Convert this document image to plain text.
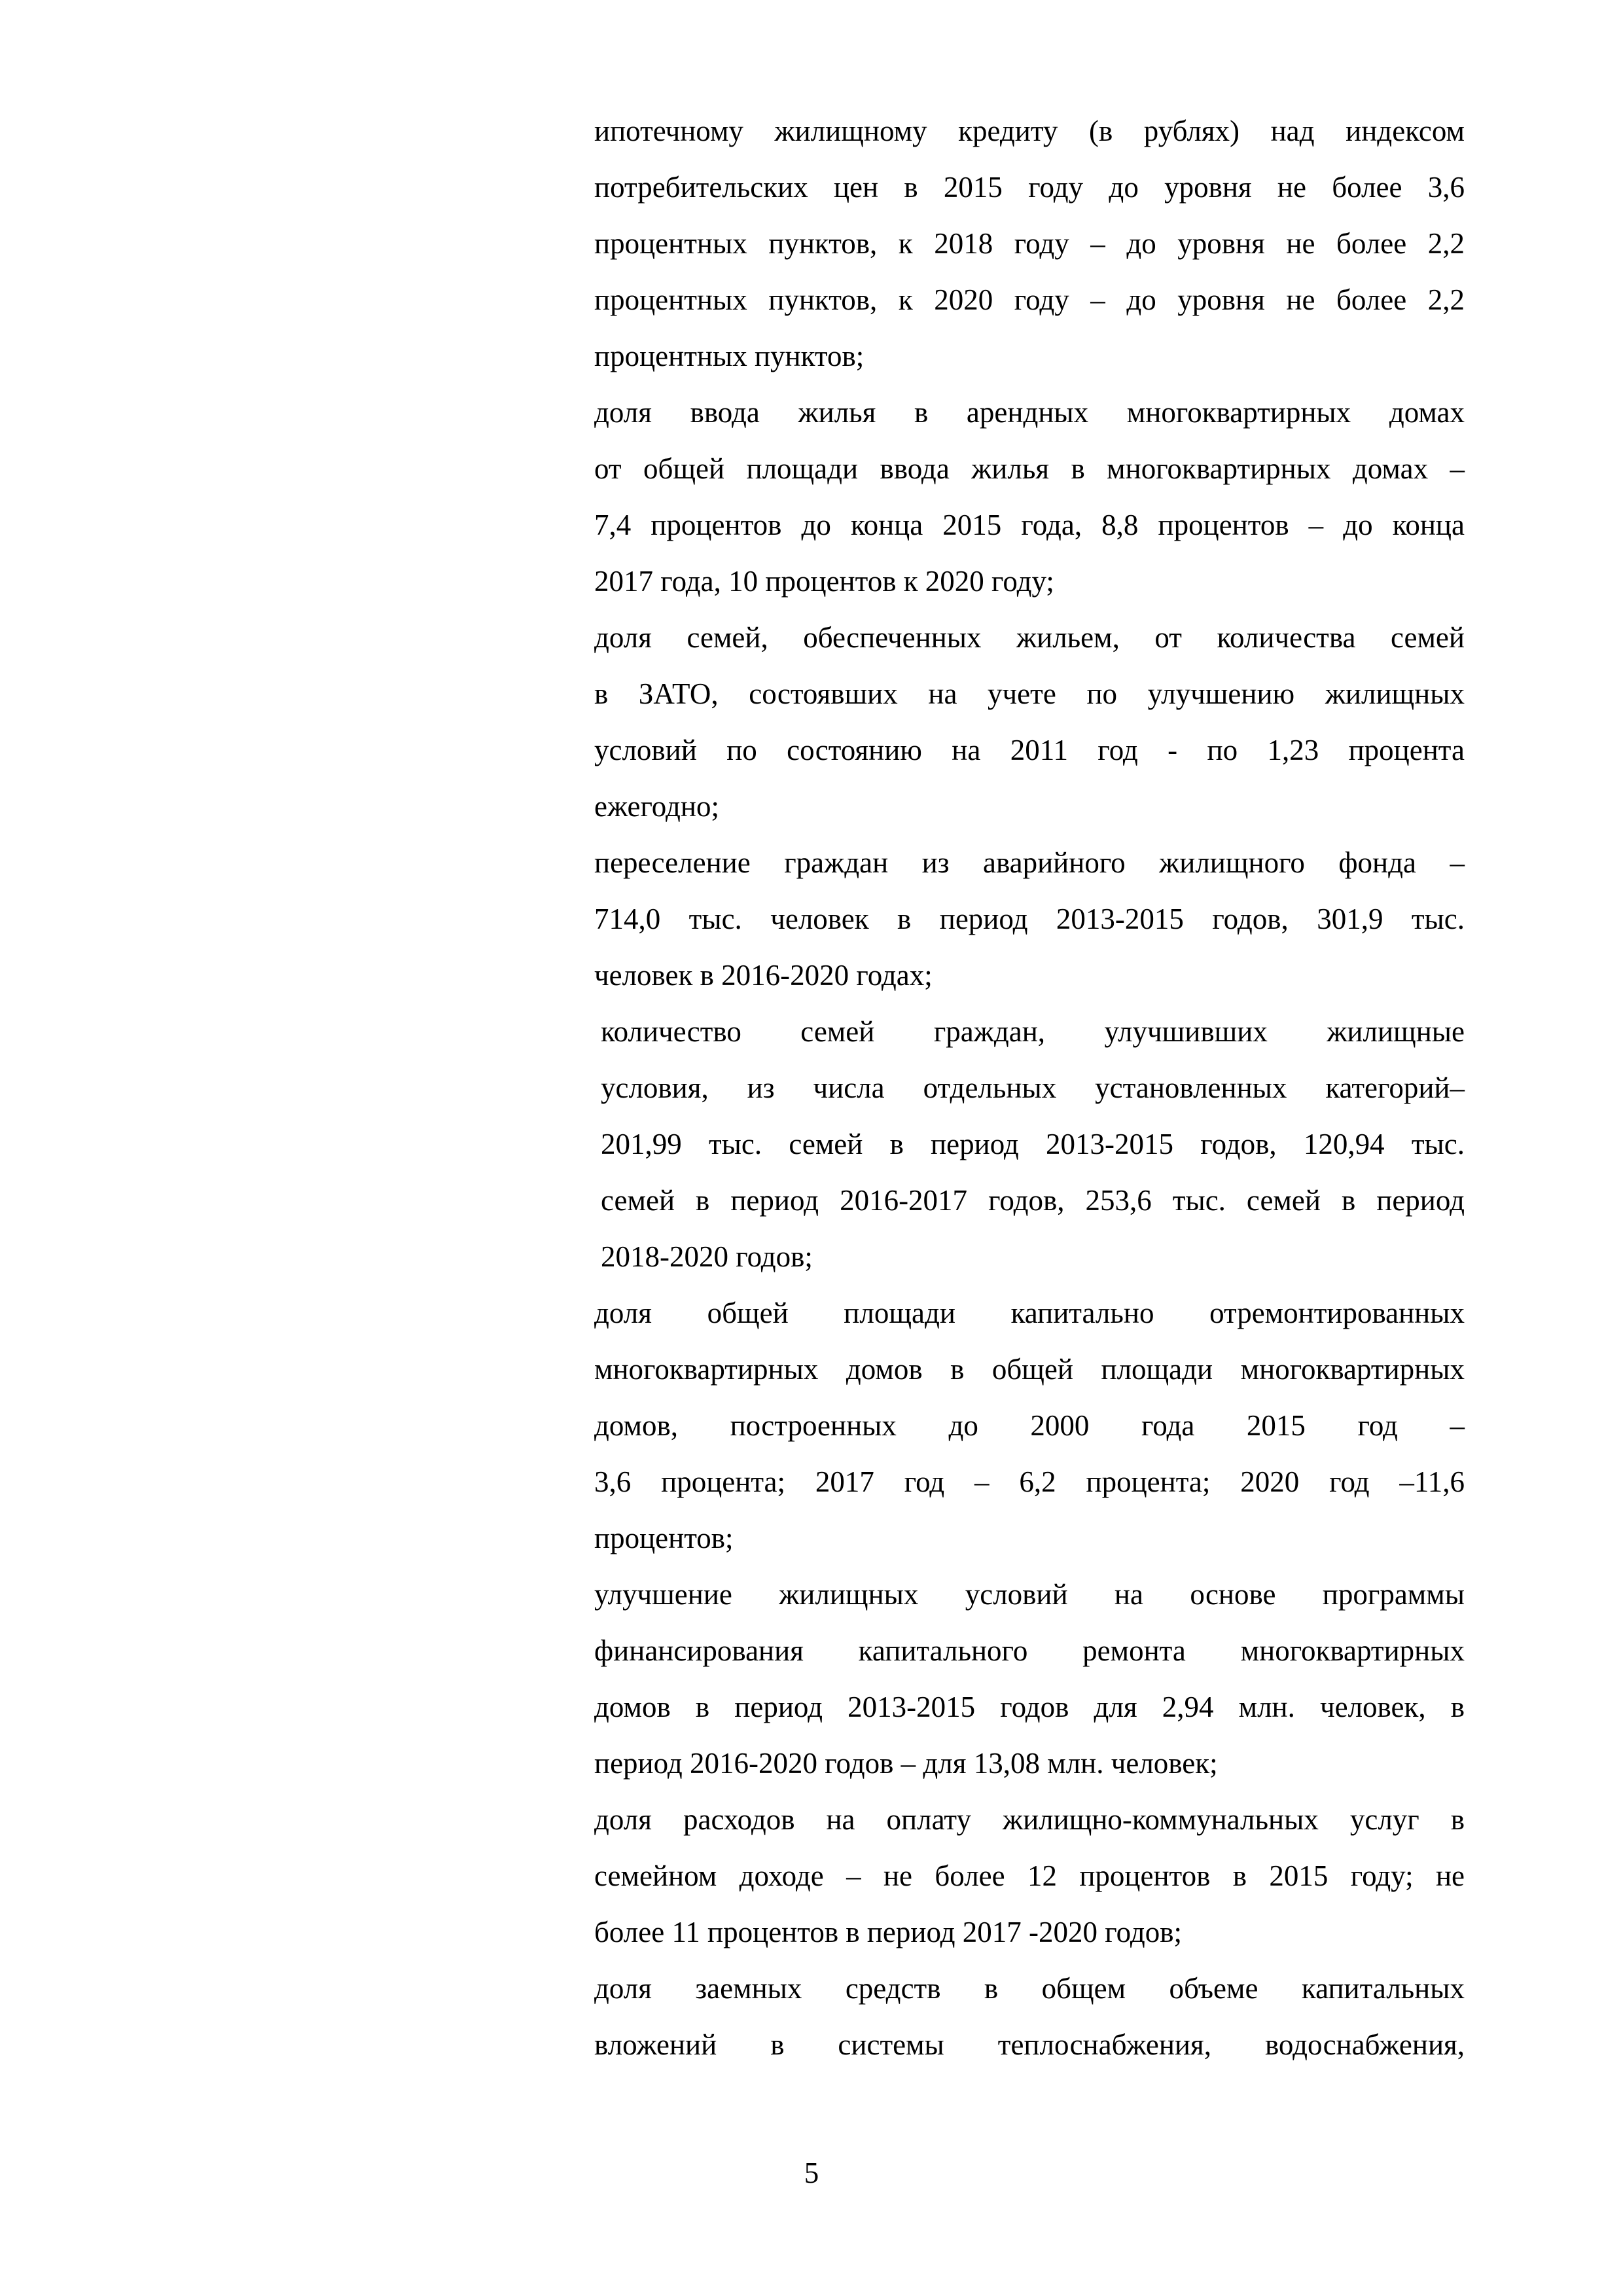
ипотечному жилищному кредиту (в рублях) над индексом
потребительских цен в 2015 году до уровня не более 3,6
процентных пунктов, к 2018 году – до уровня не более 2,2
процентных пунктов, к 2020 году – до уровня не более 2,2
процентных пунктов;
доля ввода жилья в арендных многоквартирных домах
от общей площади ввода жилья в многоквартирных домах –
7,4 процентов до конца 2015 года, 8,8 процентов – до конца
2017 года, 10 процентов к 2020 году;
доля семей, обеспеченных жильем, от количества семей
в ЗАТО, состоявших на учете по улучшению жилищных
условий по состоянию на 2011 год - по 1,23 процента
ежегодно;
переселение граждан из аварийного жилищного фонда –
714,0 тыс. человек в период 2013-2015 годов, 301,9 тыс.
человек в 2016-2020 годах;
количество семей граждан, улучшивших жилищные
условия, из числа отдельных установленных категорий–
201,99 тыс. семей в период 2013-2015 годов, 120,94 тыс.
семей в период 2016-2017 годов, 253,6 тыс. семей в период
2018-2020 годов;
доля общей площади капитально отремонтированных
многоквартирных домов в общей площади многоквартирных
домов, построенных до 2000 года 2015 год –
3,6 процента; 2017 год – 6,2 процента; 2020 год –11,6
процентов;
улучшение жилищных условий на основе программы
финансирования капитального ремонта многоквартирных
домов в период 2013-2015 годов для 2,94 млн. человек, в
период 2016-2020 годов – для 13,08 млн. человек;
доля расходов на оплату жилищно-коммунальных услуг в
семейном доходе – не более 12 процентов в 2015 году; не
более 11 процентов в период 2017 -2020 годов;
доля заемных средств в общем объеме капитальных
вложений в системы теплоснабжения, водоснабжения,
5
